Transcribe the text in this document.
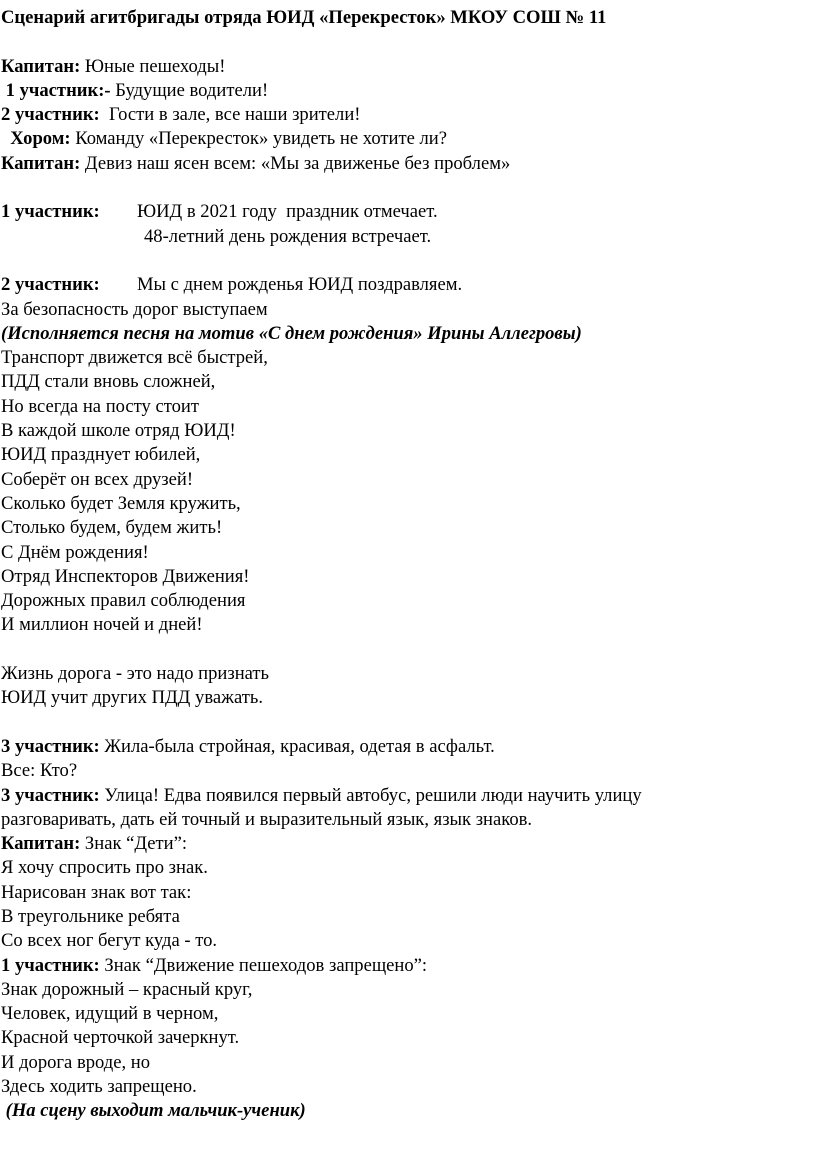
Сценарий агитбригады отряда ЮИД «Перекресток» МКОУ СОШ № 11
Капитан: Юные пешеходы!
1 участник:- Будущие водители!
2 участник:  Гости в зале, все наши зрители!
Хором: Команду «Перекресток» увидеть не хотите ли?
Капитан: Девиз наш ясен всем: «Мы за движенье без проблем»
1 участник: ЮИД в 2021 году  праздник отмечает.
48-летний день рождения встречает.
2 участник: Мы с днем рожденья ЮИД поздравляем.
За безопасность дорог выступаем
(Исполняется песня на мотив «С днем рождения» Ирины Аллегровы)
Транспорт движется всё быстрей,
ПДД стали вновь сложней,
Но всегда на посту стоит
В каждой школе отряд ЮИД!
ЮИД празднует юбилей,
Соберёт он всех друзей!
Сколько будет Земля кружить,
Столько будем, будем жить!
С Днём рождения!
Отряд Инспекторов Движения!
Дорожных правил соблюдения
И миллион ночей и дней!
Жизнь дорога - это надо признать
ЮИД учит других ПДД уважать.
3 участник: Жила-была стройная, красивая, одетая в асфальт.
Все: Кто?
3 участник: Улица! Едва появился первый автобус, решили люди научить улицу
разговаривать, дать ей точный и выразительный язык, язык знаков.
Капитан: Знак “Дети”:
Я хочу спросить про знак.
Нарисован знак вот так:
В треугольнике ребята
Со всех ног бегут куда - то.
1 участник: Знак “Движение пешеходов запрещено”:
Знак дорожный – красный круг,
Человек, идущий в черном,
Красной черточкой зачеркнут.
И дорога вроде, но
Здесь ходить запрещено.
(На сцену выходит мальчик-ученик)
